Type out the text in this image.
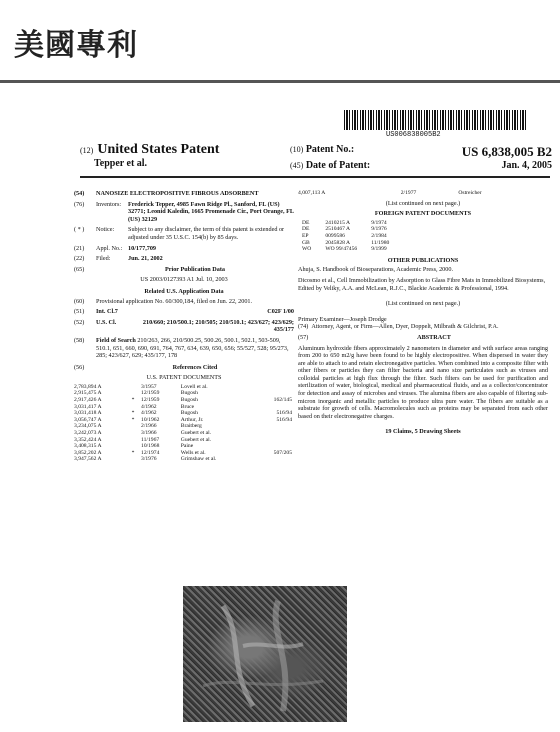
美國專利
US006838005B2
(12) United States Patent
Tepper et al.
(10) Patent No.:	US 6,838,005 B2
(45) Date of Patent:	Jan. 4, 2005
(54)	NANOSIZE ELECTROPOSITIVE FIBROUS ADSORBENT
(76)	Inventors:	Frederick Tepper, 4985 Fawn Ridge Pl., Sanford, FL (US) 32771; Leonid Kaledin, 1665 Promenade Cir., Port Orange, FL (US) 32129
( * )	Notice:	Subject to any disclaimer, the term of this patent is extended or adjusted under 35 U.S.C. 154(b) by 85 days.
(21)	Appl. No.: 10/177,709
(22)	Filed:	Jun. 21, 2002
(65)	Prior Publication Data
US 2003/0127393 A1 Jul. 10, 2003
Related U.S. Application Data
(60)	Provisional application No. 60/300,184, filed on Jun. 22, 2001.
(51)	Int. Cl.7	C02F 1/00
(52)	U.S. Cl.	210/660; 210/500.1; 210/505; 210/510.1; 423/627; 423/629; 435/177
(58)	Field of Search 210/263, 266, 210/500.25, 500.26, 500.1, 502.1, 503-509, 510.1, 651, 660, 690, 691, 764, 767, 634, 639, 650, 656; 55/527, 528; 95/273, 285; 423/627, 629; 435/177, 178
(56)	References Cited
U.S. PATENT DOCUMENTS
2,783,894 A		3/1957	Lovell et al.	
2,915,475 A		12/1959	Bugosh	
2,917,426 A	*	12/1959	Bugosh	162/145
3,031,417 A		4/1962	Bruce	
3,031,418 A	*	4/1962	Bugosh	516/94
3,056,747 A	*	10/1962	Arthur, Jr.	516/94
3,234,075 A		2/1966	Braitberg	
3,242,073 A		3/1966	Guebert et al.	
3,352,424 A		11/1967	Guebert et al.	
3,408,315 A		10/1968	Paine	
3,852,202 A	*	12/1974	Wells et al.	507/205
3,947,562 A		3/1976	Grimshaw et al.	
4,007,113 A		2/1977	Ostreicher	
(List continued on next page.)
FOREIGN PATENT DOCUMENTS
DE	2410215 A	9/1974
DE	2510467 A	9/1976
EP	0099586	2/1984
GB	2045828 A	11/1980
WO	WO 99/47456	9/1999
OTHER PUBLICATIONS
Ahuja, S. Handbook of Bioseparations, Academic Press, 2000.
Dicosmo et al., Cell Immobilization by Adsorption to Glass Fibre Mats in Immobilized Biosystems, Edited by Veliky, A.A. and McLean, R.J.C., Blackie Academic & Professional, 1994.
(List continued on next page.)
Primary Examiner—Joseph Drodge
(74) Attorney, Agent, or Firm—Allen, Dyer, Doppelt, Milbrath & Gilchrist, P.A.
(57)	ABSTRACT
Aluminum hydroxide fibers approximately 2 nanometers in diameter and with surface areas ranging from 200 to 650 m2/g have been found to be highly electropositive. When dispersed in water they are able to attach to and retain electronegative particles. When combined into a composite filter with other fibers or particles they can filter bacteria and nano size particulates such as viruses and colloidal particles at high flux through the filter. Such filters can be used for purification and sterilization of water, biological, medical and pharmaceutical fluids, and as a collector/concentrator for detection and assay of microbes and viruses. The alumina fibers are also capable of filtering sub-micron inorganic and metallic particles to produce ultra pure water. The fibers are suitable as a substrate for growth of cells. Macromolecules such as proteins may be separated from each other based on their electronegative charges.
19 Claims, 5 Drawing Sheets
